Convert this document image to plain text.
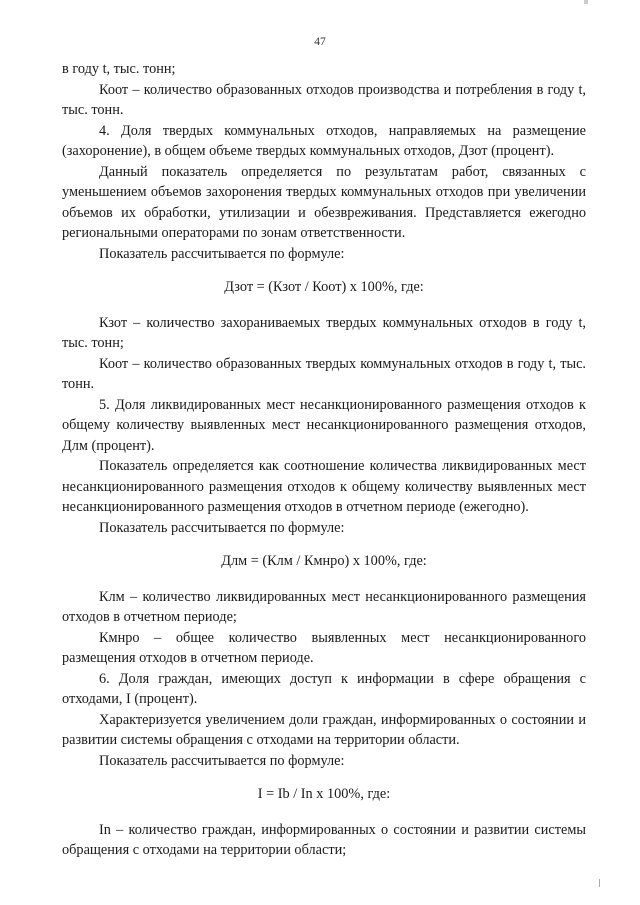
47

в году t, тыс. тонн;

Коот – количество образованных отходов производства и потребления в году t, тыс. тонн.

4. Доля твердых коммунальных отходов, направляемых на размещение (захоронение), в общем объеме твердых коммунальных отходов, Дзот (процент).

Данный показатель определяется по результатам работ, связанных с уменьшением объемов захоронения твердых коммунальных отходов при увеличении объемов их обработки, утилизации и обезвреживания. Представляется ежегодно региональными операторами по зонам ответственности.

Показатель рассчитывается по формуле:

Дзот = (Кзот / Коот) х 100%, где:

Кзот – количество захораниваемых твердых коммунальных отходов в году t, тыс. тонн;

Коот – количество образованных твердых коммунальных отходов в году t, тыс. тонн.

5. Доля ликвидированных мест несанкционированного размещения отходов к общему количеству выявленных мест несанкционированного размещения отходов, Длм (процент).

Показатель определяется как соотношение количества ликвидированных мест несанкционированного размещения отходов к общему количеству выявленных мест несанкционированного размещения отходов в отчетном периоде (ежегодно).

Показатель рассчитывается по формуле:

Длм = (Клм / Кмнро) х 100%, где:

Клм – количество ликвидированных мест несанкционированного размещения отходов в отчетном периоде;

Кмнро – общее количество выявленных мест несанкционированного размещения отходов в отчетном периоде.

6. Доля граждан, имеющих доступ к информации в сфере обращения с отходами, I (процент).

Характеризуется увеличением доли граждан, информированных о состоянии и развитии системы обращения с отходами на территории области.

Показатель рассчитывается по формуле:

I = Ib / In х 100%, где:

In – количество граждан, информированных о состоянии и развитии системы обращения с отходами на территории области;
